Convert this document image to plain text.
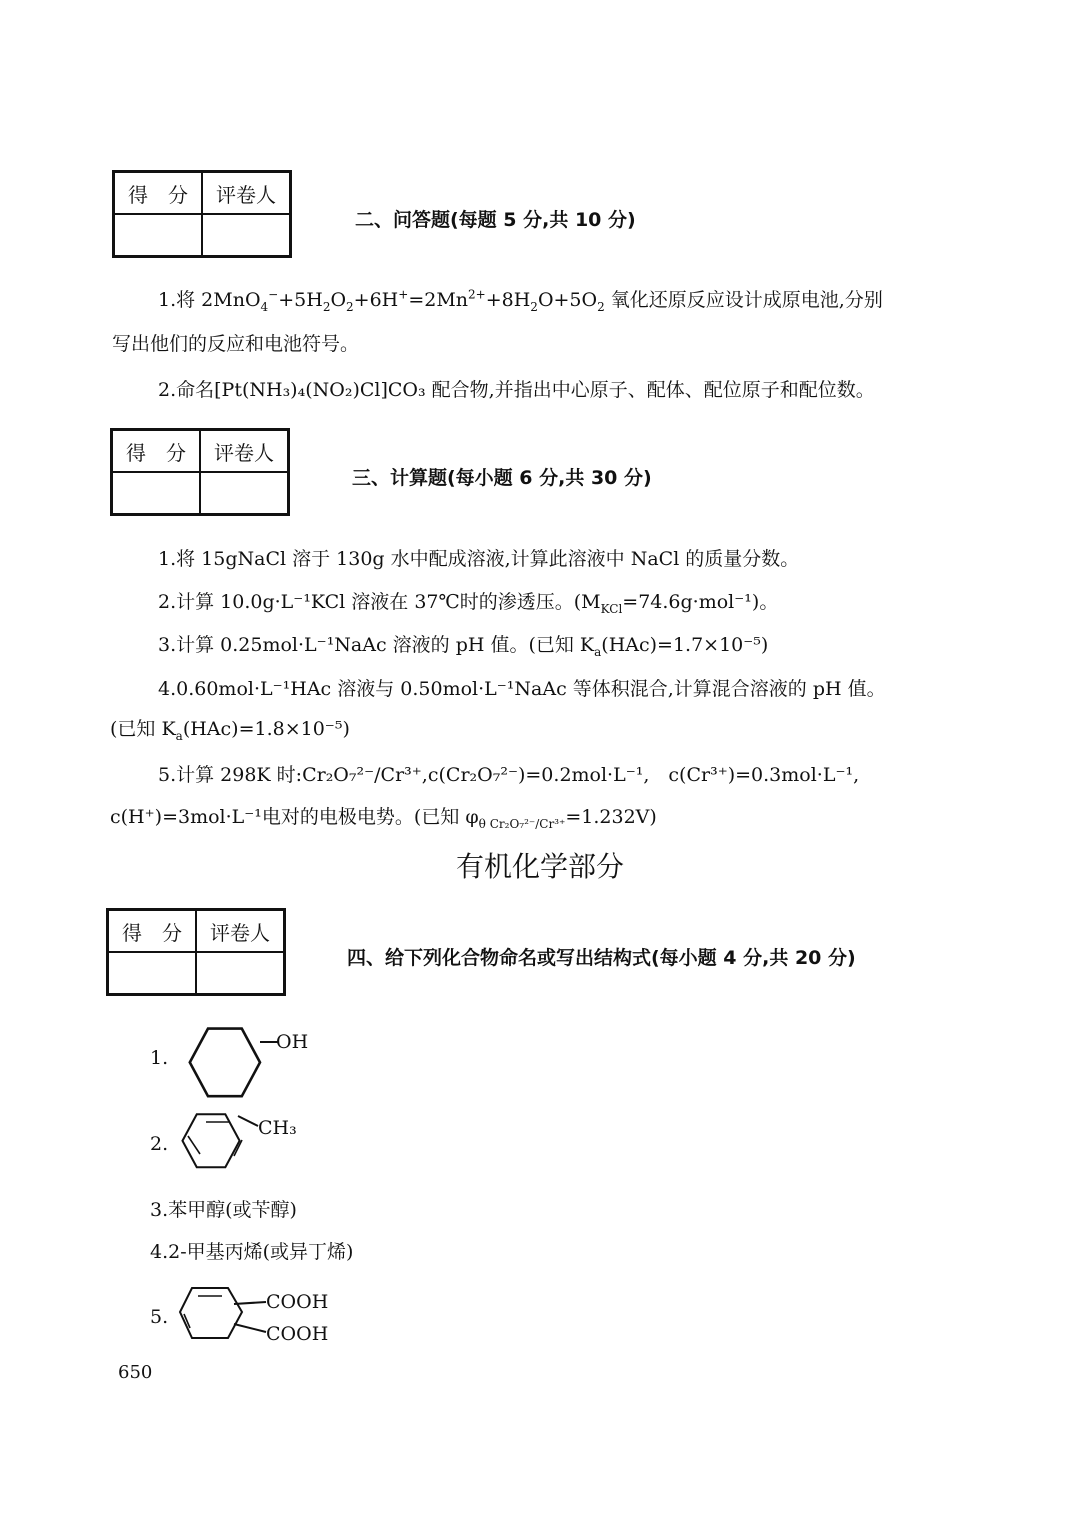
得　分	评卷人

二、问答题(每题 5 分,共 10 分)
1.将 $2MnO_4^-+5H_2O_2+6H^+=2Mn^{2+}+8H_2O+5O_2$ 氧化还原反应设计成原电池,分别
写出他们的反应和电池符号。
2.命名[Pt(NH₃)₄(NO₂)Cl]CO₃ 配合物,并指出中心原子、配体、配位原子和配位数。
得　分	评卷人

三、计算题(每小题 6 分,共 30 分)
1.将 15gNaCl 溶于 130g 水中配成溶液,计算此溶液中 NaCl 的质量分数。
2.计算 10.0g·L⁻¹KCl 溶液在 37℃时的渗透压。$(M_{KCl}=74.6g\cdot mol^{-1})$。
3.计算 0.25mol·L⁻¹NaAc 溶液的 pH 值。(已知 $K_a(HAc)=1.7\times 10^{-5}$)
4.0.60mol·L⁻¹HAc 溶液与 0.50mol·L⁻¹NaAc 等体积混合,计算混合溶液的 pH 值。
(已知 $K_a(HAc)=1.8\times 10^{-5}$)
5.计算 298K 时:Cr₂O₇²⁻/Cr³⁺,c(Cr₂O₇²⁻)=0.2mol·L⁻¹,　c(Cr³⁺)=0.3mol·L⁻¹,
c(H⁺)=3mol·L⁻¹电对的电极电势。(已知 $\varphi_{\theta Cr_2O_7^{2-}/Cr^{3+}}=1.232V$)
有机化学部分
得　分	评卷人

四、给下列化合物命名或写出结构式(每小题 4 分,共 20 分)
1.
OH
2.
CH₃
3.苯甲醇(或苄醇)
4.2-甲基丙烯(或异丁烯)
5.
COOH
COOH
650
